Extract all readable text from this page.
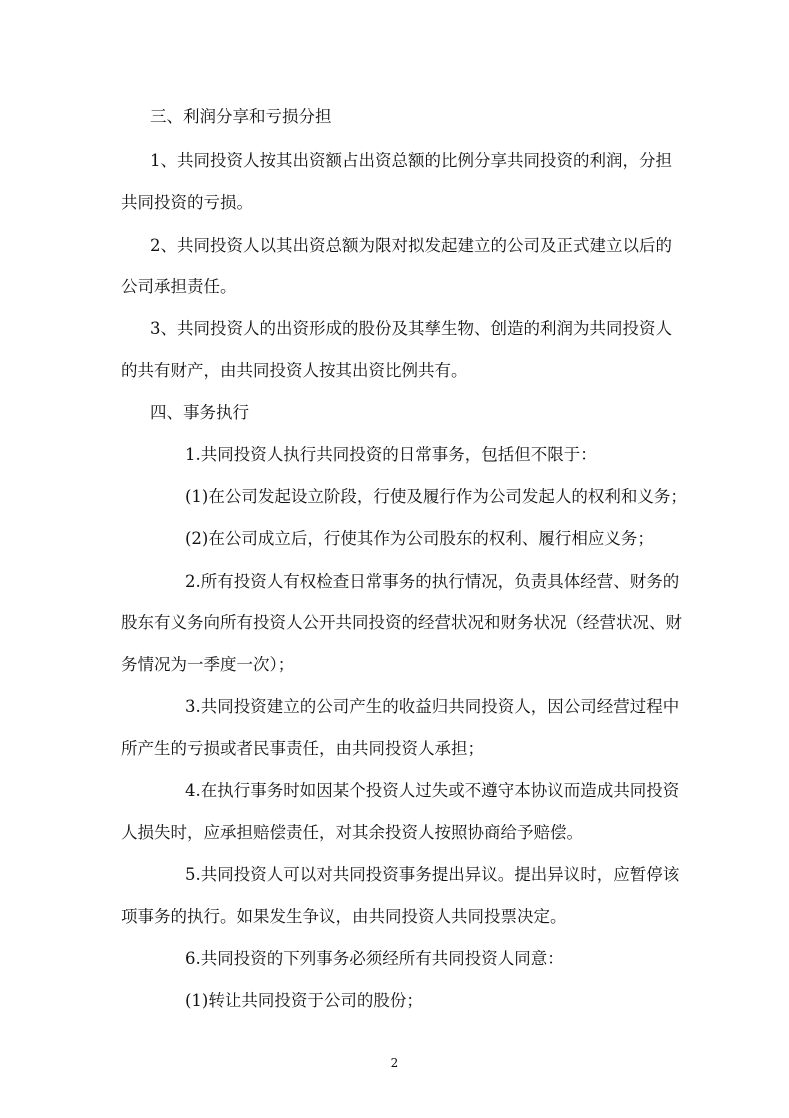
三、利润分享和亏损分担
1、共同投资人按其出资额占出资总额的比例分享共同投资的利润，分担
共同投资的亏损。
2、共同投资人以其出资总额为限对拟发起建立的公司及正式建立以后的
公司承担责任。
3、共同投资人的出资形成的股份及其孳生物、创造的利润为共同投资人
的共有财产，由共同投资人按其出资比例共有。
四、事务执行
1.共同投资人执行共同投资的日常事务，包括但不限于：
(1)在公司发起设立阶段，行使及履行作为公司发起人的权利和义务；
(2)在公司成立后，行使其作为公司股东的权利、履行相应义务；
2.所有投资人有权检查日常事务的执行情况，负责具体经营、财务的
股东有义务向所有投资人公开共同投资的经营状况和财务状况（经营状况、财
务情况为一季度一次）；
3.共同投资建立的公司产生的收益归共同投资人，因公司经营过程中
所产生的亏损或者民事责任，由共同投资人承担；
4.在执行事务时如因某个投资人过失或不遵守本协议而造成共同投资
人损失时，应承担赔偿责任，对其余投资人按照协商给予赔偿。
5.共同投资人可以对共同投资事务提出异议。提出异议时，应暂停该
项事务的执行。如果发生争议，由共同投资人共同投票决定。
6.共同投资的下列事务必须经所有共同投资人同意：
(1)转让共同投资于公司的股份；
2
